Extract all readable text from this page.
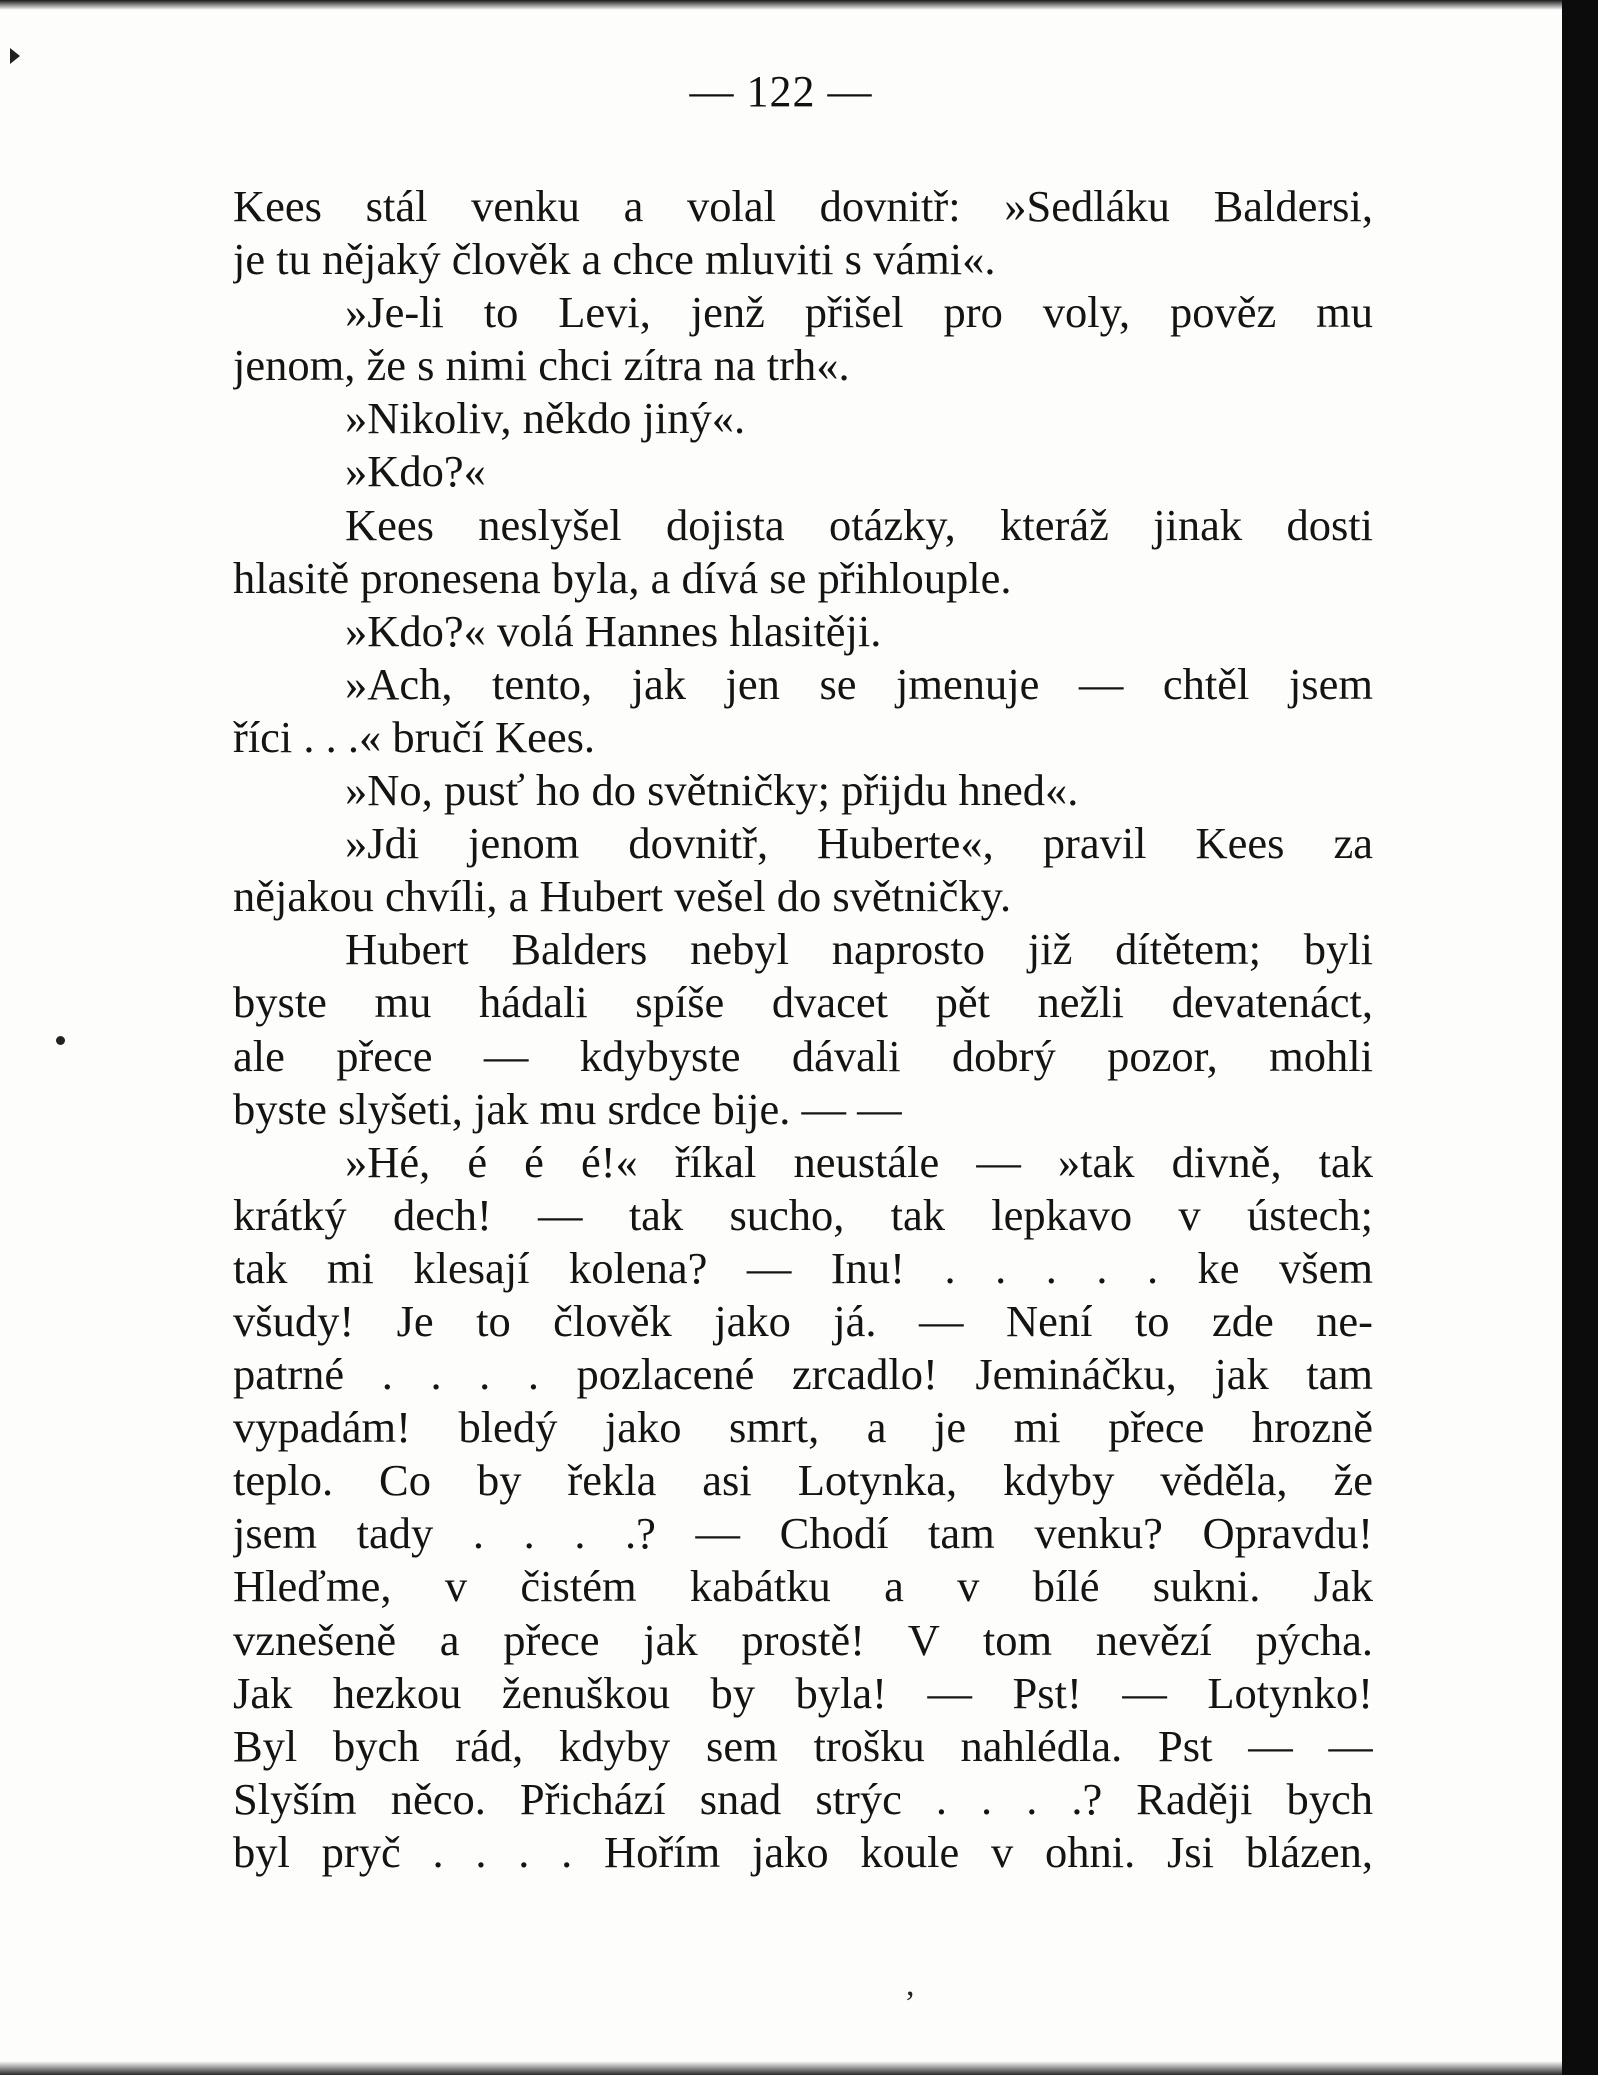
— 122 —
Kees stál venku a volal dovnitř: »Sedláku Baldersi,
je tu nějaký člověk a chce mluviti s vámi«.
»Je-li to Levi, jenž přišel pro voly, pověz mu
jenom, že s nimi chci zítra na trh«.
»Nikoliv, někdo jiný«.
»Kdo?«
Kees neslyšel dojista otázky, kteráž jinak dosti
hlasitě pronesena byla, a dívá se přihlouple.
»Kdo?« volá Hannes hlasitěji.
»Ach, tento, jak jen se jmenuje — chtěl jsem
říci . . .« bručí Kees.
»No, pusť ho do světničky; přijdu hned«.
»Jdi jenom dovnitř, Huberte«, pravil Kees za
nějakou chvíli, a Hubert vešel do světničky.
Hubert Balders nebyl naprosto již dítětem; byli
byste mu hádali spíše dvacet pět nežli devatenáct,
ale přece — kdybyste dávali dobrý pozor, mohli
byste slyšeti, jak mu srdce bije. — —
»Hé, é é é!« říkal neustále — »tak divně, tak
krátký dech! — tak sucho, tak lepkavo v ústech;
tak mi klesají kolena? — Inu! . . . . . ke všem
všudy! Je to člověk jako já. — Není to zde ne-
patrné . . . . pozlacené zrcadlo! Jemináčku, jak tam
vypadám! bledý jako smrt, a je mi přece hrozně
teplo. Co by řekla asi Lotynka, kdyby věděla, že
jsem tady . . . .? — Chodí tam venku? Opravdu!
Hleďme, v čistém kabátku a v bílé sukni. Jak
vznešeně a přece jak prostě! V tom nevězí pýcha.
Jak hezkou ženuškou by byla! — Pst! — Lotynko!
Byl bych rád, kdyby sem trošku nahlédla. Pst — —
Slyším něco. Přichází snad strýc . . . .? Raději bych
byl pryč . . . . Hořím jako koule v ohni. Jsi blázen,
,
